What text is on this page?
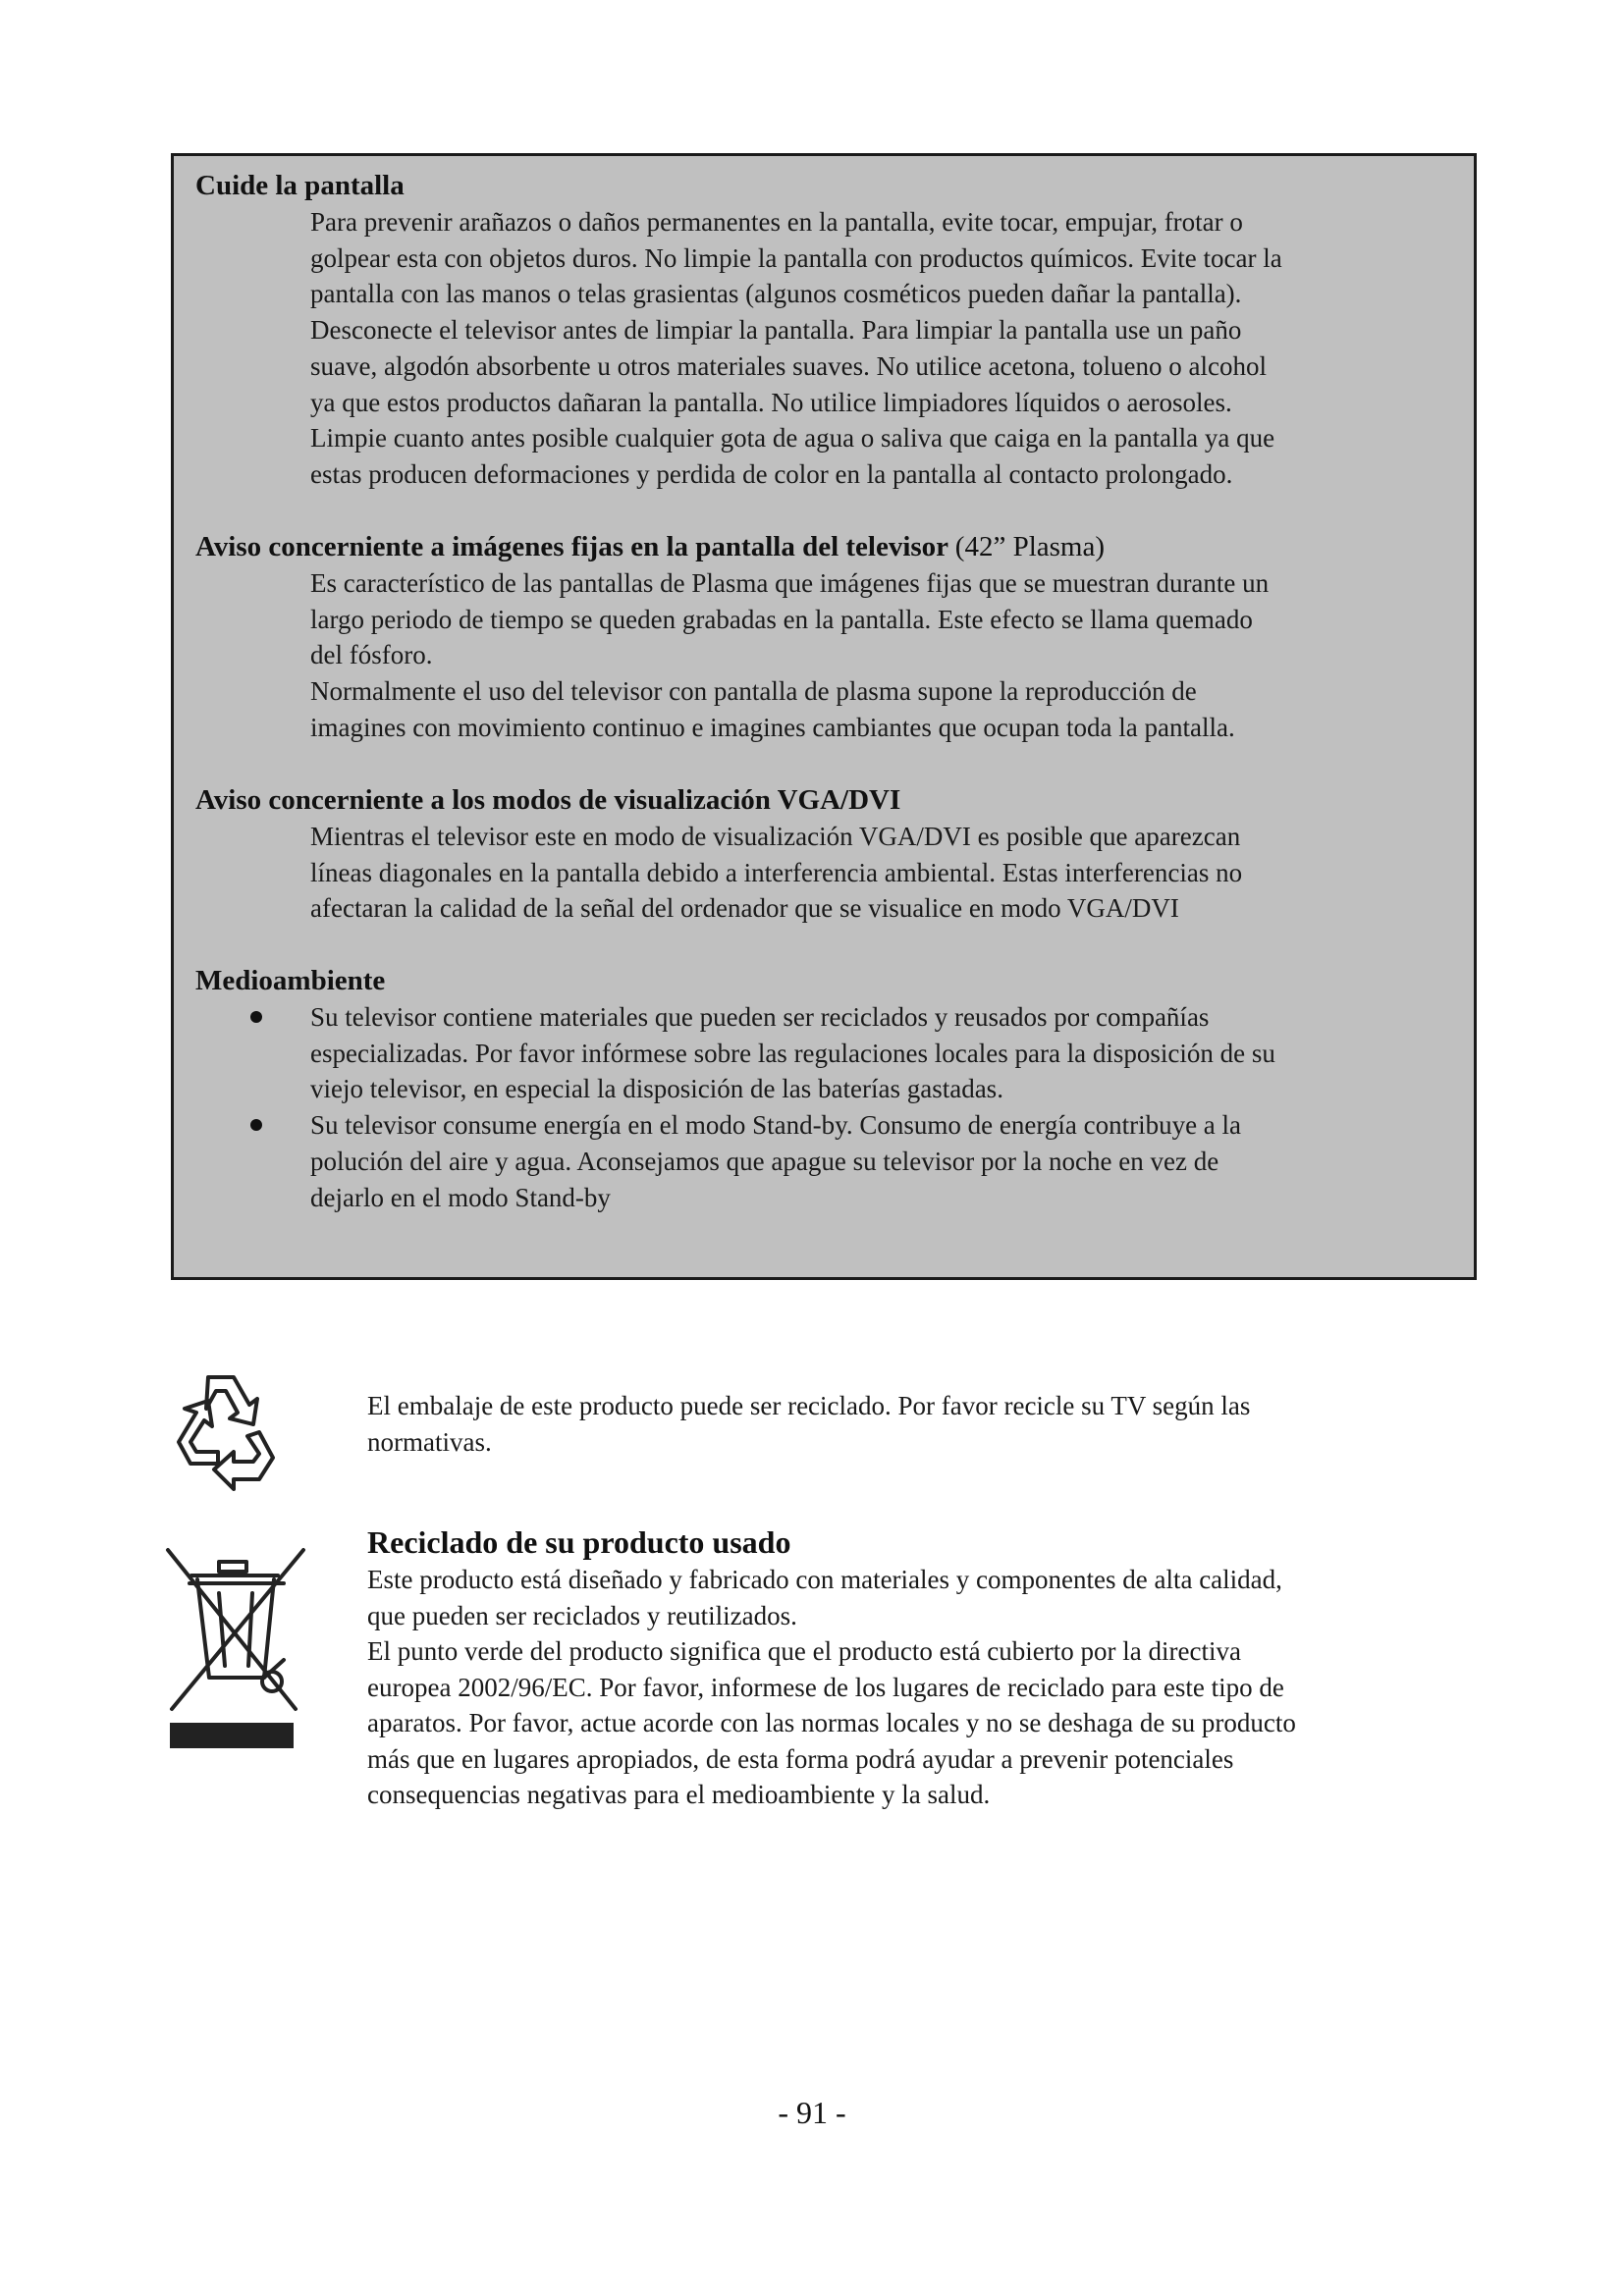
Cuide la pantalla

Para prevenir arañazos o daños permanentes en la pantalla, evite tocar, empujar, frotar o
golpear esta con objetos duros. No limpie la pantalla con productos químicos. Evite tocar la
pantalla con las manos o telas grasientas (algunos cosméticos pueden dañar la pantalla).

Desconecte el televisor antes de limpiar la pantalla. Para limpiar la pantalla use un paño
suave, algodón absorbente u otros materiales suaves. No utilice acetona, tolueno o alcohol
ya que estos productos dañaran la pantalla. No utilice limpiadores líquidos o aerosoles.

Limpie cuanto antes posible cualquier gota de agua o saliva que caiga en la pantalla ya que
estas producen deformaciones y perdida de color en la pantalla al contacto prolongado.

Aviso concerniente a imágenes fijas en la pantalla del televisor (42” Plasma)

Es característico de las pantallas de Plasma que imágenes fijas que se muestran durante un
largo periodo de tiempo se queden grabadas en la pantalla. Este efecto se llama quemado
del fósforo.

Normalmente el uso del televisor con pantalla de plasma supone la reproducción de
imagines con movimiento continuo e imagines cambiantes que ocupan toda la pantalla.

Aviso concerniente a los modos de visualización VGA/DVI

Mientras el televisor este en modo de visualización VGA/DVI es posible que aparezcan
líneas diagonales en la pantalla debido a interferencia ambiental. Estas interferencias no
afectaran la calidad de la señal del ordenador que se visualice en modo VGA/DVI

Medioambiente

Su televisor contiene materiales que pueden ser reciclados y reusados por compañías
especializadas. Por favor infórmese sobre las regulaciones locales para la disposición de su
viejo televisor, en especial la disposición de las baterías gastadas.

Su televisor consume energía en el modo Stand-by. Consumo de energía contribuye a la
polución del aire y agua. Aconsejamos que apague su televisor por la noche en vez de
dejarlo en el modo Stand-by

El embalaje de este producto puede ser reciclado. Por favor recicle su TV según las
normativas.

Reciclado de su producto usado

Este producto está diseñado y fabricado con materiales y componentes de alta calidad,
que pueden ser reciclados y reutilizados.

El punto verde del producto significa que el producto está cubierto por la directiva
europea 2002/96/EC. Por favor, informese de los lugares de reciclado para este tipo de
aparatos. Por favor, actue acorde con las normas locales y no se deshaga de su producto
más que en lugares apropiados, de esta forma podrá ayudar a prevenir potenciales
consequencias negativas para el medioambiente y la salud.

- 91 -
